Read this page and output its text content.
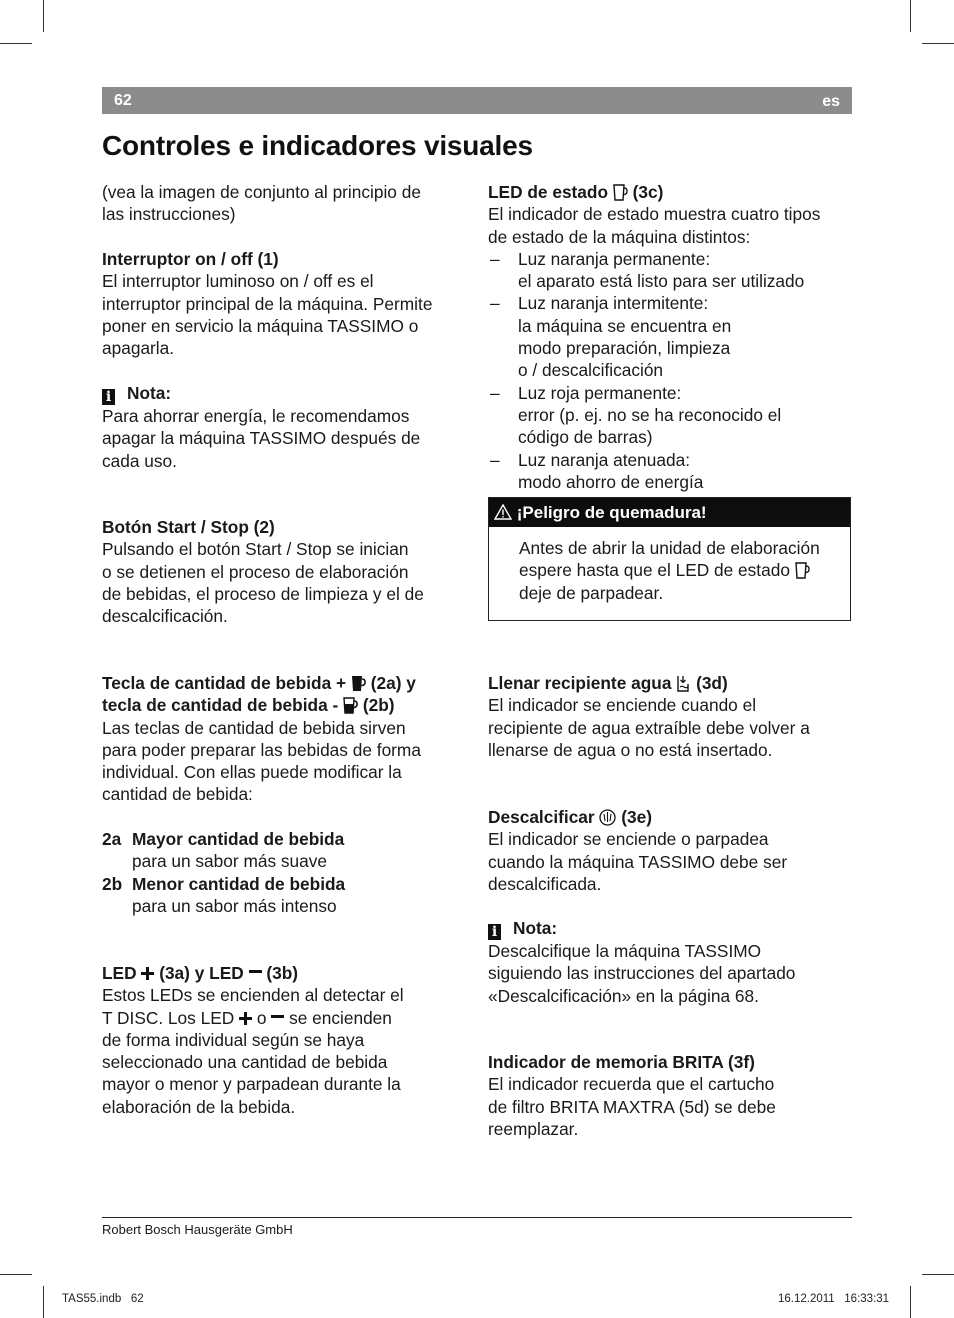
62	es
Controles e indicadores visuales

(vea la imagen de conjunto al principio de

las instrucciones)

Interruptor on / off (1)

El interruptor luminoso on / off es el

interruptor principal de la máquina. Permite

poner en servicio la máquina TASSIMO o

apagarla.

i Nota:

Para ahorrar energía, le recomendamos

apagar la máquina TASSIMO después de

cada uso.

Botón Start / Stop (2)

Pulsando el botón Start / Stop se inician

o se detienen el proceso de elaboración

de bebidas, el proceso de limpieza y el de

descalcificación.

Tecla de cantidad de bebida + (2a) y

tecla de cantidad de bebida - (2b)

Las teclas de cantidad de bebida sirven

para poder preparar las bebidas de forma

individual. Con ellas puede modificar la

cantidad de bebida:

2a Mayor cantidad de bebida

para un sabor más suave

2b Menor cantidad de bebida

para un sabor más intenso

LED (3a) y LED (3b)

Estos LEDs se encienden al detectar el

T DISC. Los LED o se encienden

de forma individual según se haya

seleccionado una cantidad de bebida

mayor o menor y parpadean durante la

elaboración de la bebida.

LED de estado (3c)

El indicador de estado muestra cuatro tipos

de estado de la máquina distintos:

– Luz naranja permanente:

el aparato está listo para ser utilizado

– Luz naranja intermitente:

la máquina se encuentra en

modo preparación, limpieza

o / descalcificación

– Luz roja permanente:

error (p. ej. no se ha reconocido el

código de barras)

– Luz naranja atenuada:

modo ahorro de energía

¡Peligro de quemadura!

Antes de abrir la unidad de elaboración

espere hasta que el LED de estado

deje de parpadear.

Llenar recipiente agua (3d)

El indicador se enciende cuando el

recipiente de agua extraíble debe volver a

llenarse de agua o no está insertado.

Descalcificar (3e)

El indicador se enciende o parpadea

cuando la máquina TASSIMO debe ser

descalcificada.

i Nota:

Descalcifique la máquina TASSIMO

siguiendo las instrucciones del apartado

«Descalcificación» en la página 68.

Indicador de memoria BRITA (3f)

El indicador recuerda que el cartucho

de filtro BRITA MAXTRA (5d) se debe

reemplazar.

Robert Bosch Hausgeräte GmbH
TAS55.indb   62	16.12.2011   16:33:31
